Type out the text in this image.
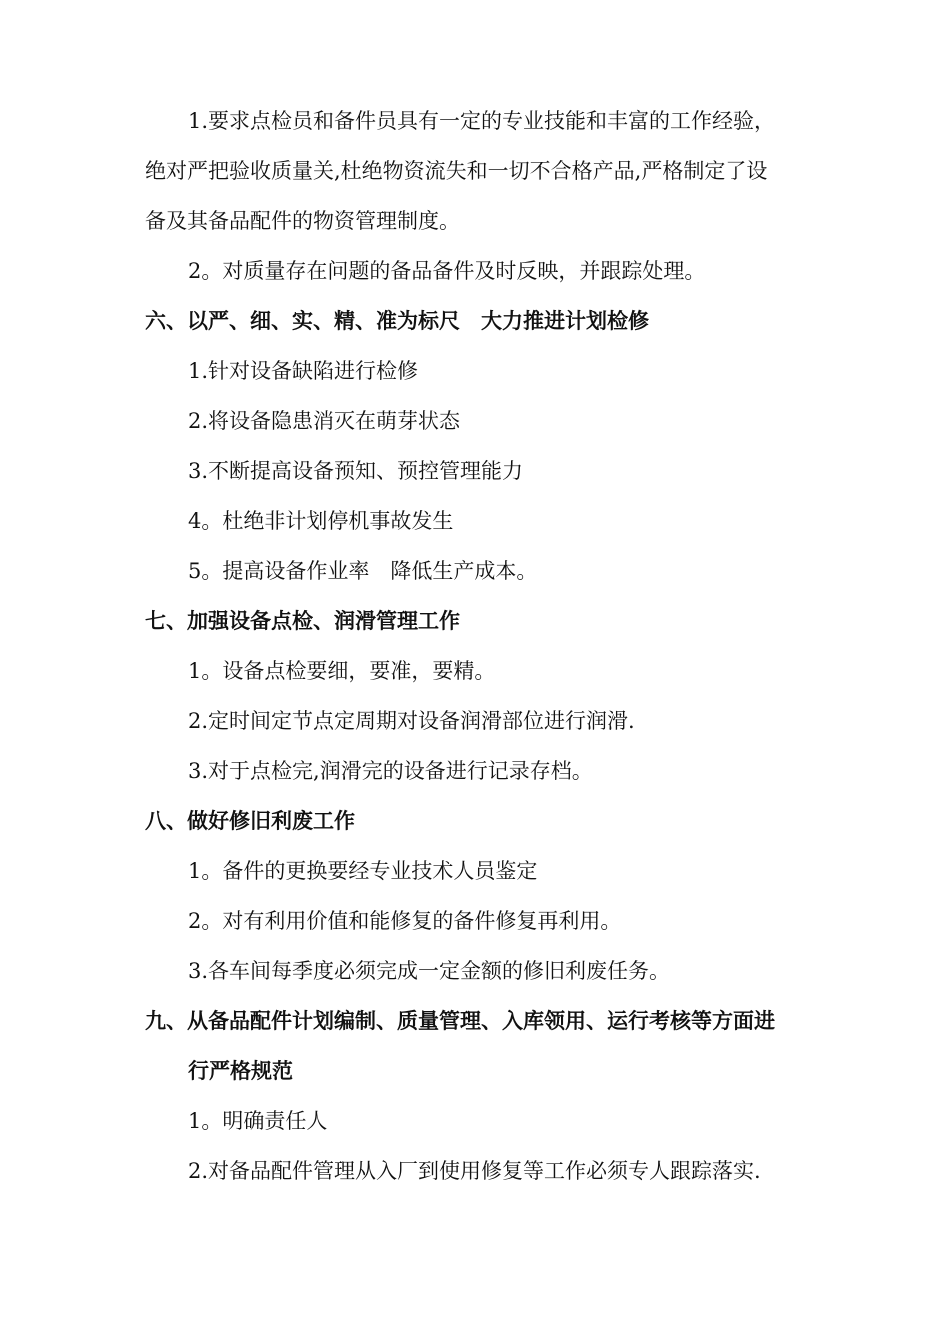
1.要求点检员和备件员具有一定的专业技能和丰富的工作经验，
绝对严把验收质量关,杜绝物资流失和一切不合格产品,严格制定了设
备及其备品配件的物资管理制度。
2。对质量存在问题的备品备件及时反映，并跟踪处理。
六、以严、细、实、精、准为标尺　大力推进计划检修
1.针对设备缺陷进行检修
2.将设备隐患消灭在萌芽状态
3.不断提高设备预知、预控管理能力
4。杜绝非计划停机事故发生
5。提高设备作业率　降低生产成本。
七、加强设备点检、润滑管理工作
1。设备点检要细，要准，要精。
2.定时间定节点定周期对设备润滑部位进行润滑.
3.对于点检完,润滑完的设备进行记录存档。
八、做好修旧利废工作
1。备件的更换要经专业技术人员鉴定
2。对有利用价值和能修复的备件修复再利用。
3.各车间每季度必须完成一定金额的修旧利废任务。
九、从备品配件计划编制、质量管理、入库领用、运行考核等方面进
行严格规范
1。明确责任人
2.对备品配件管理从入厂到使用修复等工作必须专人跟踪落实.
